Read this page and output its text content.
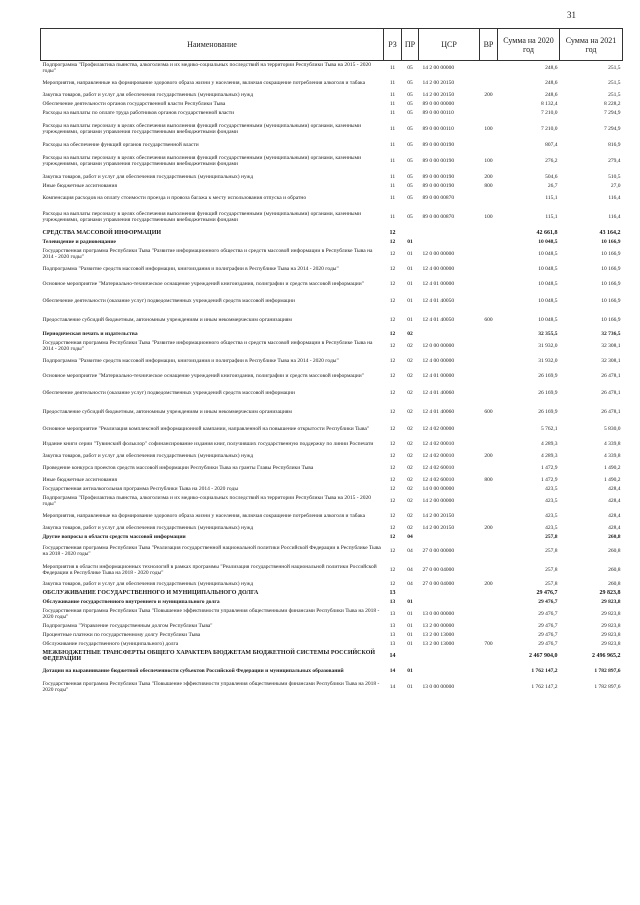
31
Наименование	РЗ	ПР	ЦСР	ВР	Сумма на 2020 год	Сумма на 2021 год
Подпрограмма "Профилактика пьянства, алкоголизма и их медико-социальных последствий на территории Республики Тыва на 2015 - 2020 годы"	11	05	14 2 00 00000		248,6	251,5
Мероприятия, направленные на формирование здорового образа жизни у населения, включая сокращение потребления алкоголя и табака	11	05	14 2 00 20150		248,6	251,5
Закупка товаров, работ и услуг для обеспечения государственных (муниципальных) нужд	11	05	14 2 00 20150	200	248,6	251,5
Обеспечение деятельности органов государственной власти Республики Тыва	11	05	89 0 00 00000		8 132,4	8 228,2
Расходы на выплаты по оплате труда работников органов государственной власти	11	05	89 0 00 00110		7 210,0	7 294,9
Расходы на выплаты персоналу в целях обеспечения выполнения функций государственными (муниципальными) органами, казенными учреждениями, органами управления государственными внебюджетными фондами	11	05	89 0 00 00110	100	7 210,0	7 294,9
Расходы на обеспечение функций органов государственной власти	11	05	89 0 00 00190		807,4	816,9
Расходы на выплаты персоналу в целях обеспечения выполнения функций государственными (муниципальными) органами, казенными учреждениями, органами управления государственными внебюджетными фондами	11	05	89 0 00 00190	100	276,2	279,4
Закупка товаров, работ и услуг для обеспечения государственных (муниципальных) нужд	11	05	89 0 00 00190	200	504,6	510,5
Иные бюджетные ассигнования	11	05	89 0 00 00190	800	26,7	27,0
Компенсация расходов на оплату стоимости проезда и провоза багажа к месту использования отпуска и обратно	11	05	89 0 00 00870		115,1	116,4
Расходы на выплаты персоналу в целях обеспечения выполнения функций государственными (муниципальными) органами, казенными учреждениями, органами управления государственными внебюджетными фондами	11	05	89 0 00 00870	100	115,1	116,4
СРЕДСТВА МАССОВОЙ ИНФОРМАЦИИ	12				42 661,8	43 164,2
Телевидение и радиовещание	12	01			10 048,5	10 166,9
Государственная программа Республики Тыва "Развитие информационного общества и средств массовой информации в Республике Тыва на 2014 - 2020 годы"	12	01	12 0 00 00000		10 048,5	10 166,9
Подпрограмма "Развитие средств массовой информации, книгоиздания и полиграфии в Республике Тыва на 2014 - 2020 годы"	12	01	12 4 00 00000		10 048,5	10 166,9
Основное мероприятие "Материально-техническое оснащение учреждений книгоиздания, полиграфии и средств массовой информации"	12	01	12 4 01 00000		10 048,5	10 166,9
Обеспечение деятельности (оказание услуг) подведомственных учреждений средств массовой информации	12	01	12 4 01 40050		10 048,5	10 166,9
Предоставление субсидий бюджетным, автономным учреждениям и иным некоммерческим организациям	12	01	12 4 01 40050	600	10 048,5	10 166,9
Периодическая печать и издательства	12	02			32 355,5	32 736,5
Государственная программа Республики Тыва "Развитие информационного общества и средств массовой информации в Республике Тыва на 2014 - 2020 годы"	12	02	12 0 00 00000		31 932,0	32 308,1
Подпрограмма "Развитие средств массовой информации, книгоиздания и полиграфии в Республике Тыва на 2014 - 2020 годы"	12	02	12 4 00 00000		31 932,0	32 308,1
Основное мероприятие "Материально-техническое оснащение учреждений книгоиздания, полиграфии и средств массовой информации"	12	02	12 4 01 00000		26 169,9	26 478,1
Обеспечение деятельности (оказание услуг) подведомственных учреждений средств массовой информации	12	02	12 4 01 40060		26 169,9	26 478,1
Предоставление субсидий бюджетным, автономным учреждениям и иным некоммерческим организациям	12	02	12 4 01 40060	600	26 169,9	26 478,1
Основное мероприятие "Реализация комплексной информационной кампании, направленной на повышение открытости Республики Тыва"	12	02	12 4 02 00000		5 762,1	5 830,0
Издание книги серии "Тувинский фольклор" софинансирование издания книг, получивших государственную поддержку по линии Роспечати	12	02	12 4 02 00010		4 289,3	4 339,8
Закупка товаров, работ и услуг для обеспечения государственных (муниципальных) нужд	12	02	12 4 02 00010	200	4 289,3	4 339,8
Проведение конкурса проектов средств массовой информации Республики Тыва на гранты Главы Республики Тыва	12	02	12 4 02 60010		1 472,9	1 490,2
Иные бюджетные ассигнования	12	02	12 4 02 60010	800	1 472,9	1 490,2
Государственная антиалкогольная программа Республики Тыва на 2014 - 2020 годы	12	02	14 0 00 00000		423,5	428,4
Подпрограмма "Профилактика пьянства, алкоголизма и их медико-социальных последствий на территории Республики Тыва на 2015 - 2020 годы"	12	02	14 2 00 00000		423,5	428,4
Мероприятия, направленные на формирование здорового образа жизни у населения, включая сокращение потребления алкоголя и табака	12	02	14 2 00 20150		423,5	428,4
Закупка товаров, работ и услуг для обеспечения государственных (муниципальных) нужд	12	02	14 2 00 20150	200	423,5	428,4
Другие вопросы в области средств массовой информации	12	04			257,8	260,8
Государственная программа Республики Тыва "Реализация государственной национальной политики Российской Федерации в Республике Тыва на 2018 - 2020 годы"	12	04	27 0 00 00000		257,8	260,8
Мероприятия в области информационных технологий в рамках программы "Реализация государственной национальной политики Российской Федерации в Республике Тыва на 2018 - 2020 годы"	12	04	27 0 00 04000		257,8	260,8
Закупка товаров, работ и услуг для обеспечения государственных (муниципальных) нужд	12	04	27 0 00 04000	200	257,8	260,8
ОБСЛУЖИВАНИЕ ГОСУДАРСТВЕННОГО И МУНИЦИПАЛЬНОГО ДОЛГА	13				29 476,7	29 823,8
Обслуживание государственного внутреннего и муниципального долга	13	01			29 476,7	29 823,8
Государственная программа Республики Тыва "Повышение эффективности управления общественными финансами Республики Тыва на 2018 - 2020 годы"	13	01	13 0 00 00000		29 476,7	29 823,8
Подпрограмма "Управление государственным долгом Республики Тыва"	13	01	13 2 00 00000		29 476,7	29 823,8
Процентные платежи по государственному долгу Республики Тыва	13	01	13 2 00 13000		29 476,7	29 823,8
Обслуживание государственного (муниципального) долга	13	01	13 2 00 13000	700	29 476,7	29 823,8
МЕЖБЮДЖЕТНЫЕ ТРАНСФЕРТЫ ОБЩЕГО ХАРАКТЕРА БЮДЖЕТАМ БЮДЖЕТНОЙ СИСТЕМЫ РОССИЙСКОЙ ФЕДЕРАЦИИ	14				2 467 904,0	2 496 965,2
Дотации на выравнивание бюджетной обеспеченности субъектов Российской Федерации и муниципальных образований	14	01			1 762 147,2	1 782 897,6
Государственная программа Республики Тыва "Повышение эффективности управления общественными финансами Республики Тыва на 2018 - 2020 годы"	14	01	13 0 00 00000		1 762 147,2	1 782 897,6
